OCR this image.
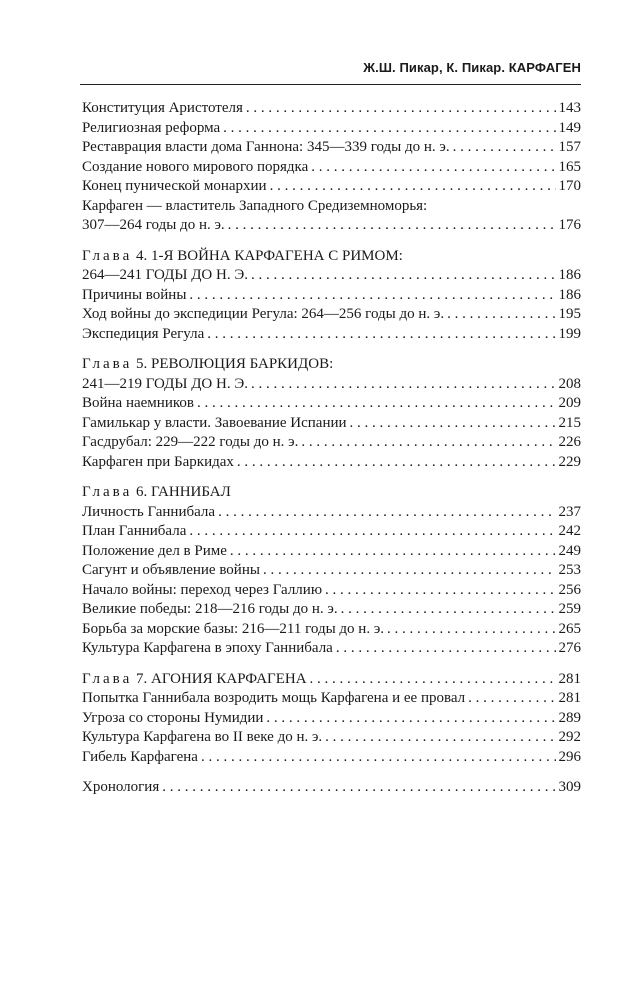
Ж.Ш. Пикар, К. Пикар. КАРФАГЕН
Конституция Аристотеля . . .	143
Религиозная реформа . . .	149
Реставрация власти дома Ганнона: 345—339 годы до н. э. . . .	157
Создание нового мирового порядка . . .	165
Конец пунической монархии . . .	170
Карфаген — властитель Западного Средиземноморья:
307—264 годы до н. э. . . .	176
Глава 4. 1-Я ВОЙНА КАРФАГЕНА С РИМОМ:
264—241 ГОДЫ ДО Н. Э. . . .	186
Причины войны . . .	186
Ход войны до экспедиции Регула: 264—256 годы до н. э. . . .	195
Экспедиция Регула . . .	199
Глава 5. РЕВОЛЮЦИЯ БАРКИДОВ:
241—219 ГОДЫ ДО Н. Э. . . .	208
Война наемников . . .	209
Гамилькар у власти. Завоевание Испании . . .	215
Гасдрубал: 229—222 годы до н. э. . . .	226
Карфаген при Баркидах . . .	229
Глава 6. ГАННИБАЛ
Личность Ганнибала . . .	237
План Ганнибала . . .	242
Положение дел в Риме . . .	249
Сагунт и объявление войны . . .	253
Начало войны: переход через Галлию . . .	256
Великие победы: 218—216 годы до н. э. . . .	259
Борьба за морские базы: 216—211 годы до н. э. . . .	265
Культура Карфагена в эпоху Ганнибала . . .	276
Глава 7. АГОНИЯ КАРФАГЕНА . . .	281
Попытка Ганнибала возродить мощь Карфагена и ее провал . . .	281
Угроза со стороны Нумидии . . .	289
Культура Карфагена во II веке до н. э. . . .	292
Гибель Карфагена . . .	296
Хронология . . .	309
